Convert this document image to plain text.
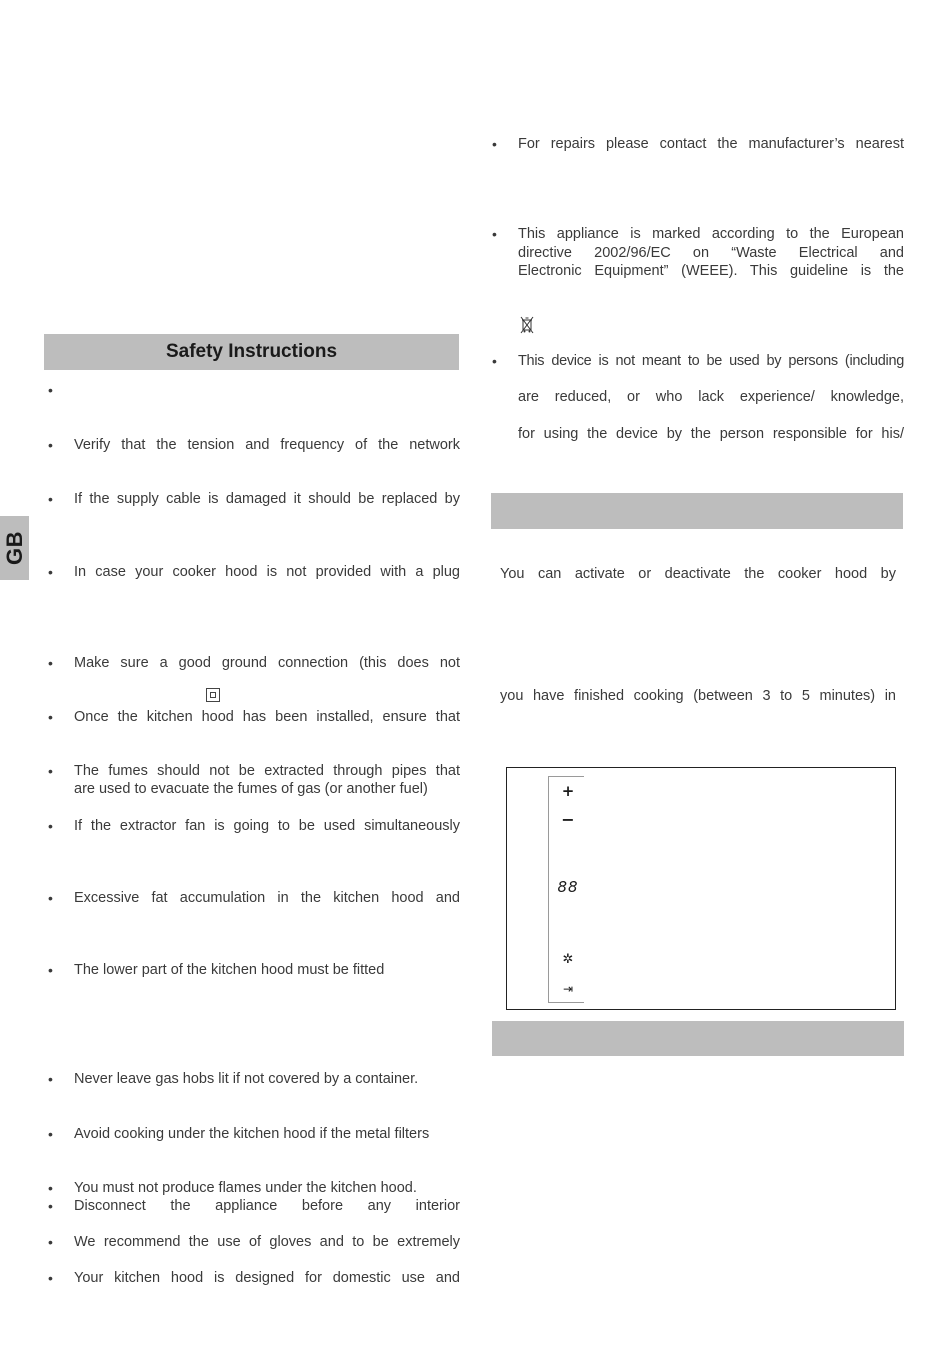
GB
Safety Instructions
•
• Verify that the tension and frequency of the network
• If the supply cable is damaged it should be replaced by
• In case your cooker hood is not provided with a plug
• Make sure a good ground connection (this does not
• Once the kitchen hood has been installed, ensure that
• The fumes should not be extracted through pipes that
are used to evacuate the fumes of gas (or another fuel)
• If the extractor fan is going to be used simultaneously
• Excessive fat accumulation in the kitchen hood and
• The lower part of the kitchen hood must be fitted
• Never leave gas hobs lit if not covered by a container.
• Avoid cooking under the kitchen hood if the metal filters
• You must not produce flames under the kitchen hood.
• Disconnect the appliance before any interior
• We recommend the use of gloves and to be extremely
• Your kitchen hood is designed for domestic use and
• For repairs please contact the manufacturer’s nearest
• This appliance is marked according to the European
directive 2002/96/EC on “Waste Electrical and
Electronic Equipment” (WEEE). This guideline is the
• This device is not meant to be used by persons (including
are reduced, or who lack experience/ knowledge,
for using the device by the person responsible for his/
You can activate or deactivate the cooker hood by
you have finished cooking (between 3 to 5 minutes) in
+
−
88
✲
⇥
